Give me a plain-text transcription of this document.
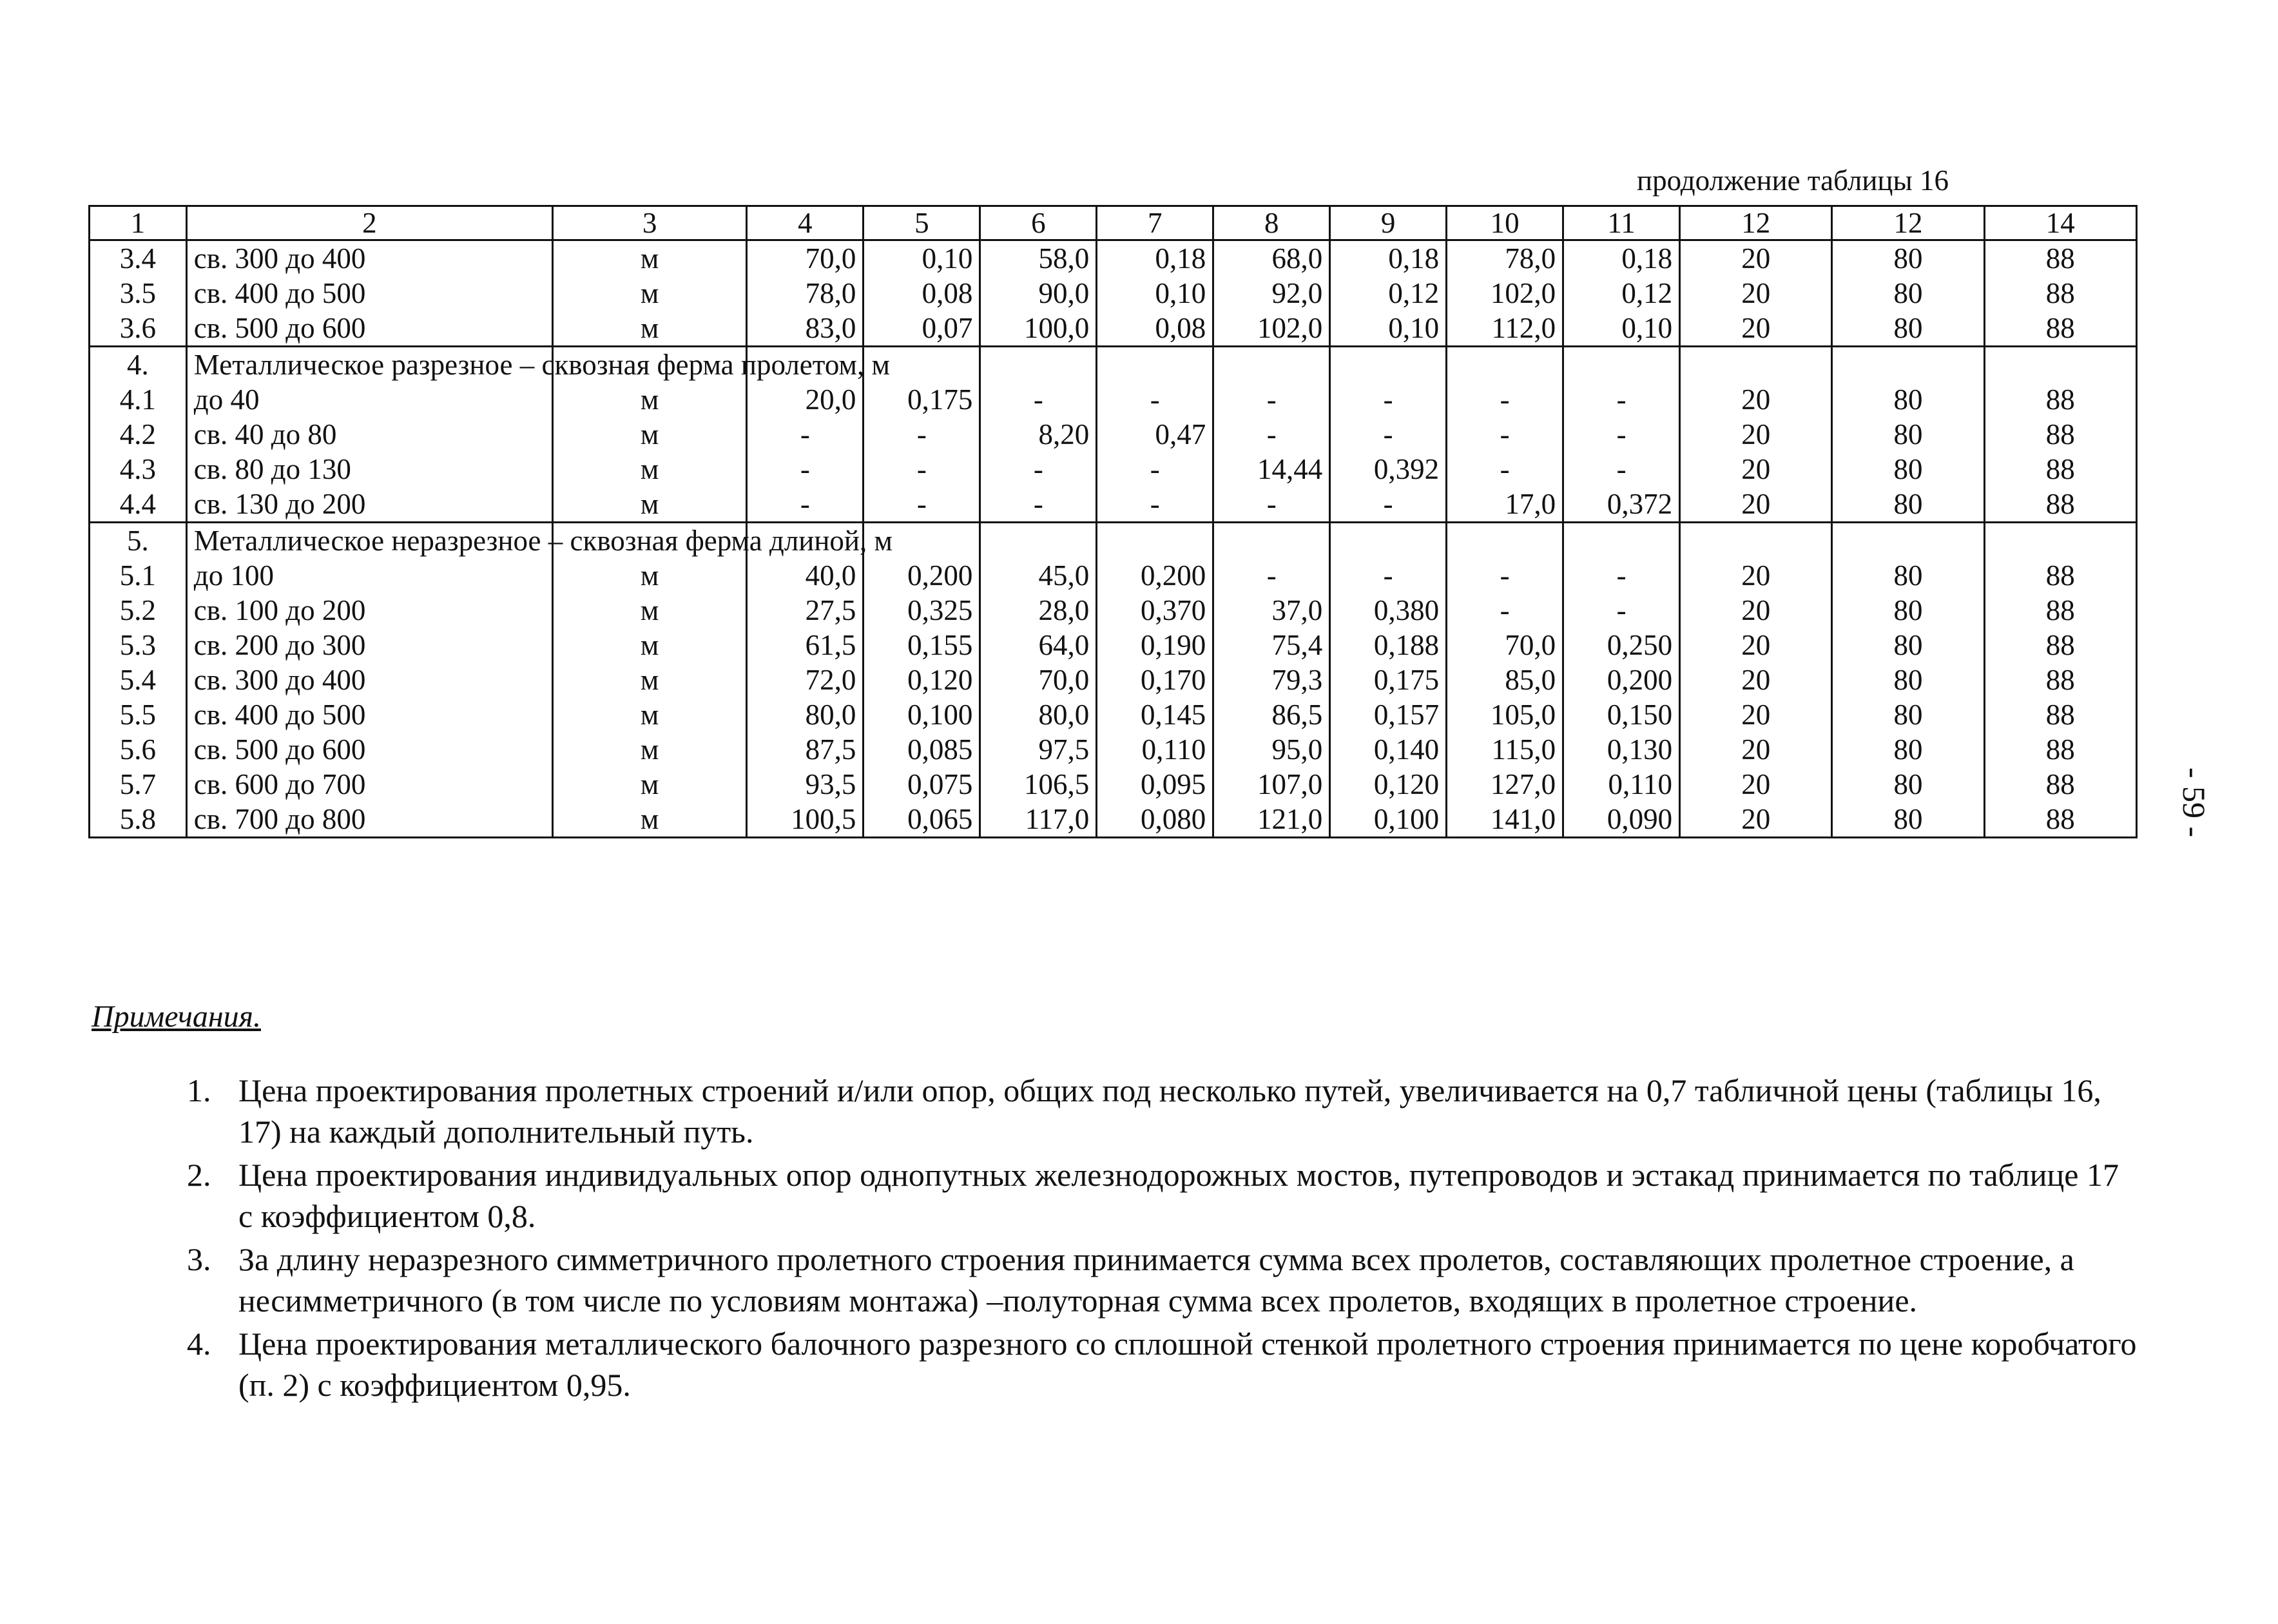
продолжение таблицы 16
1	2	3	4	5	6	7	8	9	10	11	12	12	14
3.4	св. 300 до 400	м	70,0	0,10	58,0	0,18	68,0	0,18	78,0	0,18	20	80	88
3.5	св. 400 до 500	м	78,0	0,08	90,0	0,10	92,0	0,12	102,0	0,12	20	80	88
3.6	св. 500 до 600	м	83,0	0,07	100,0	0,08	102,0	0,10	112,0	0,10	20	80	88
4.	Металлическое разрезное – сквозная ферма пролетом, м												
4.1	до 40	м	20,0	0,175	-	-	-	-	-	-	20	80	88
4.2	св. 40 до 80	м	-	-	8,20	0,47	-	-	-	-	20	80	88
4.3	св. 80 до 130	м	-	-	-	-	14,44	0,392	-	-	20	80	88
4.4	св. 130 до 200	м	-	-	-	-	-	-	17,0	0,372	20	80	88
5.	Металлическое неразрезное – сквозная ферма длиной, м												
5.1	до 100	м	40,0	0,200	45,0	0,200	-	-	-	-	20	80	88
5.2	св. 100 до 200	м	27,5	0,325	28,0	0,370	37,0	0,380	-	-	20	80	88
5.3	св. 200 до 300	м	61,5	0,155	64,0	0,190	75,4	0,188	70,0	0,250	20	80	88
5.4	св. 300 до 400	м	72,0	0,120	70,0	0,170	79,3	0,175	85,0	0,200	20	80	88
5.5	св. 400 до 500	м	80,0	0,100	80,0	0,145	86,5	0,157	105,0	0,150	20	80	88
5.6	св. 500 до 600	м	87,5	0,085	97,5	0,110	95,0	0,140	115,0	0,130	20	80	88
5.7	св. 600 до 700	м	93,5	0,075	106,5	0,095	107,0	0,120	127,0	0,110	20	80	88
5.8	св. 700 до 800	м	100,5	0,065	117,0	0,080	121,0	0,100	141,0	0,090	20	80	88
Примечания.
1. Цена проектирования пролетных строений и/или опор, общих под несколько путей, увеличивается на 0,7 табличной цены (таблицы 16, 17) на каждый дополнительный путь.
2. Цена проектирования индивидуальных опор однопутных железнодорожных мостов, путепроводов и эстакад принимается по таблице 17 с коэффициентом 0,8.
3. За длину неразрезного симметричного пролетного строения принимается сумма всех пролетов, составляющих пролетное строение, а несимметричного (в том числе по условиям монтажа) –полуторная сумма всех пролетов, входящих в пролетное строение.
4. Цена проектирования металлического балочного разрезного со сплошной стенкой пролетного строения принимается по цене коробчатого (п. 2) с коэффициентом 0,95.
- 59 -
